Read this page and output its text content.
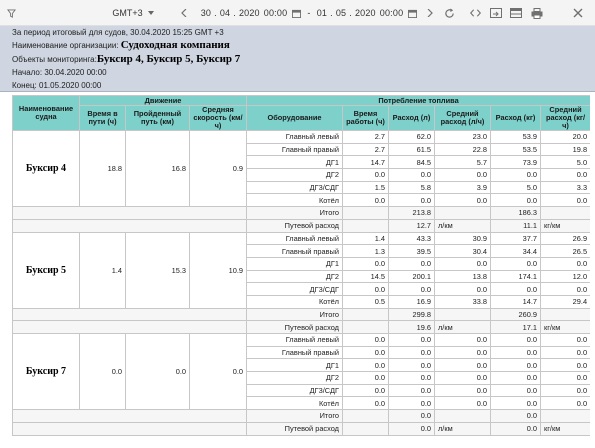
GMT+3	30 . 04 . 2020 00:00 - 01 . 05 . 2020 00:00
За период итоговый для судов, 30.04.2020 15:25 GMT +3
Наименование организации: Судоходная компания
Объекты мониторинга:Буксир 4, Буксир 5, Буксир 7
Начало: 30.04.2020 00:00
Конец: 01.05.2020 00:00
Наименование судна	Движение			Потребление топлива					
	Время в пути (ч)	Пройденный путь (км)	Средняя скорость (км/ч)	Оборудование	Время работы (ч)	Расход (л)	Средний расход (л/ч)	Расход (кг)	Средний расход (кг/ч)
Буксир 4	18.8	16.8	0.9	Главный левый	2.7	62.0	23.0	53.9	20.0
				Главный правый	2.7	61.5	22.8	53.5	19.8
				ДГ1	14.7	84.5	5.7	73.9	5.0
				ДГ2	0.0	0.0	0.0	0.0	0.0
				ДГ3/СДГ	1.5	5.8	3.9	5.0	3.3
				Котёл	0.0	0.0	0.0	0.0	0.0
				Итого		213.8		186.3	
				Путевой расход		12.7	л/км	11.1	кг/км
Буксир 5	1.4	15.3	10.9	Главный левый	1.4	43.3	30.9	37.7	26.9
				Главный правый	1.3	39.5	30.4	34.4	26.5
				ДГ1	0.0	0.0	0.0	0.0	0.0
				ДГ2	14.5	200.1	13.8	174.1	12.0
				ДГ3/СДГ	0.0	0.0	0.0	0.0	0.0
				Котёл	0.5	16.9	33.8	14.7	29.4
				Итого		299.8		260.9	
				Путевой расход		19.6	л/км	17.1	кг/км
Буксир 7	0.0	0.0	0.0	Главный левый	0.0	0.0	0.0	0.0	0.0
				Главный правый	0.0	0.0	0.0	0.0	0.0
				ДГ1	0.0	0.0	0.0	0.0	0.0
				ДГ2	0.0	0.0	0.0	0.0	0.0
				ДГ3/СДГ	0.0	0.0	0.0	0.0	0.0
				Котёл	0.0	0.0	0.0	0.0	0.0
				Итого		0.0		0.0	
				Путевой расход		0.0	л/км	0.0	кг/км
